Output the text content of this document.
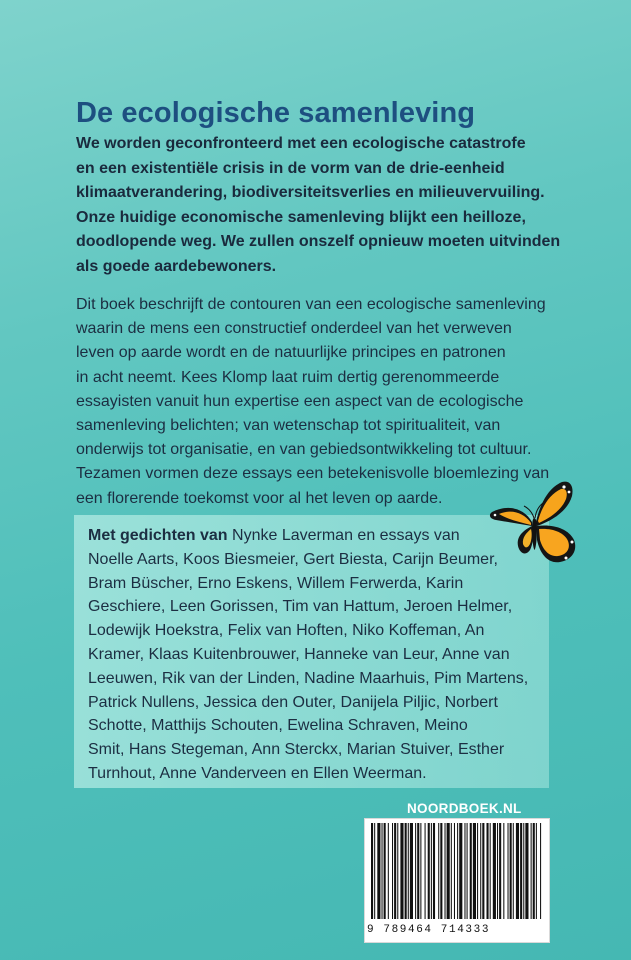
De ecologische samenleving
We worden geconfronteerd met een ecologische catastrofe
en een existentiële crisis in de vorm van de drie-eenheid
klimaatverandering, biodiversiteitsverlies en milieuvervuiling.
Onze huidige economische samenleving blijkt een heilloze,
doodlopende weg. We zullen onszelf opnieuw moeten uitvinden
als goede aardebewoners.
Dit boek beschrijft de contouren van een ecologische samenleving
waarin de mens een constructief onderdeel van het verweven
leven op aarde wordt en de natuurlijke principes en patronen
in acht neemt. Kees Klomp laat ruim dertig gerenommeerde
essayisten vanuit hun expertise een aspect van de ecologische
samenleving belichten; van wetenschap tot spiritualiteit, van
onderwijs tot organisatie, en van gebiedsontwikkeling tot cultuur.
Tezamen vormen deze essays een betekenisvolle bloemlezing van
een florerende toekomst voor al het leven op aarde.
Met gedichten van Nynke Laverman en essays van
Noelle Aarts, Koos Biesmeier, Gert Biesta, Carijn Beumer,
Bram Büscher, Erno Eskens, Willem Ferwerda, Karin
Geschiere, Leen Gorissen, Tim van Hattum, Jeroen Helmer,
Lodewijk Hoekstra, Felix van Hoften, Niko Koffeman, An
Kramer, Klaas Kuitenbrouwer, Hanneke van Leur, Anne van
Leeuwen, Rik van der Linden, Nadine Maarhuis, Pim Martens,
Patrick Nullens, Jessica den Outer, Danijela Piljic, Norbert
Schotte, Matthijs Schouten, Ewelina Schraven, Meino
Smit, Hans Stegeman, Ann Sterckx, Marian Stuiver, Esther
Turnhout, Anne Vanderveen en Ellen Weerman.
NOORDBOEK.NL
9 789464 714333
